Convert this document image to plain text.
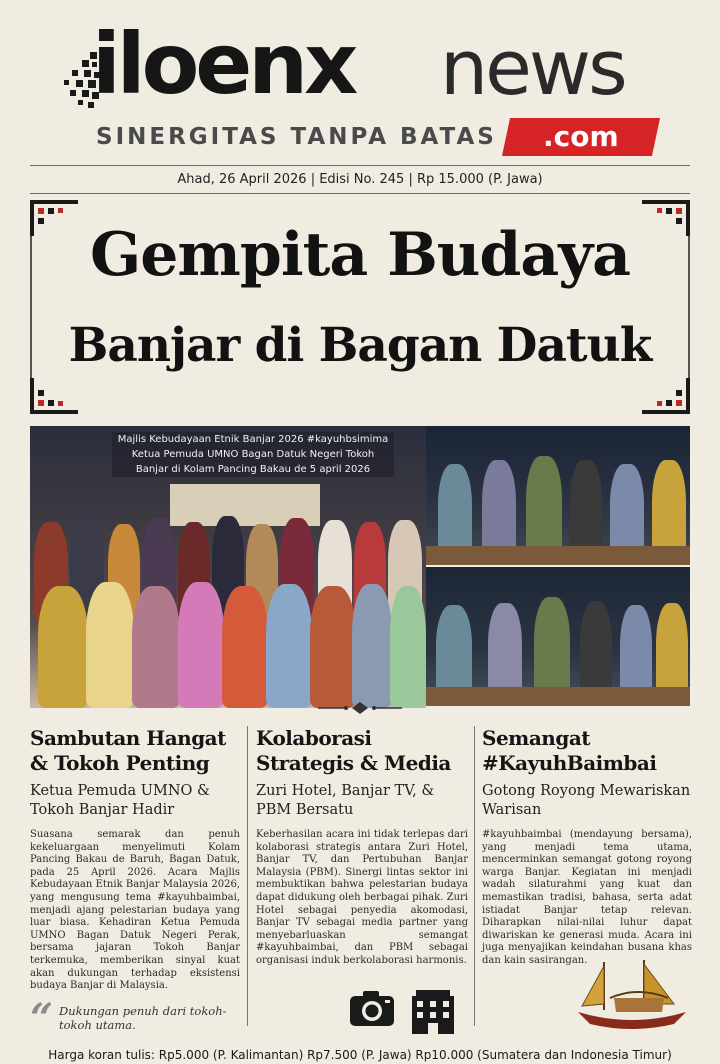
iloenx news
SINERGITAS TANPA BATAS	.com
Ahad, 26 April 2026 | Edisi No. 245 | Rp 15.000 (P. Jawa)
Gempita Budaya
Banjar di Bagan Datuk
Majlis Kebudayaan Etnik Banjar 2026 #kayuhbsimima
Ketua Pemuda UMNO Bagan Datuk Negeri Tokoh
Banjar di Kolam Pancing Bakau de 5 april 2026
Sambutan Hangat & Tokoh Penting
Ketua Pemuda UMNO & Tokoh Banjar Hadir

Suasana semarak dan penuh kekeluargaan menyelimuti Kolam Pancing Bakau de Baruh, Bagan Datuk, pada 25 April 2026. Acara Majlis Kebudayaan Etnik Banjar Malaysia 2026, yang mengusung tema #kayuhbaimbai, menjadi ajang pelestarian budaya yang luar biasa. Kehadiran Ketua Pemuda UMNO Bagan Datuk Negeri Perak, bersama jajaran Tokoh Banjar terkemuka, memberikan sinyal kuat akan dukungan terhadap eksistensi budaya Banjar di Malaysia.

Kolaborasi Strategis & Media
Zuri Hotel, Banjar TV, & PBM Bersatu

Keberhasilan acara ini tidak terlepas dari kolaborasi strategis antara Zuri Hotel, Banjar TV, dan Pertubuhan Banjar Malaysia (PBM). Sinergi lintas sektor ini membuktikan bahwa pelestarian budaya dapat didukung oleh berbagai pihak. Zuri Hotel sebagai penyedia akomodasi, Banjar TV sebagai media partner yang menyebarluaskan semangat #kayuhbaimbai, dan PBM sebagai organisasi induk berkolaborasi harmonis.

Semangat #KayuhBaimbai
Gotong Royong Mewariskan Warisan

#kayuhbaimbai (mendayung bersama), yang menjadi tema utama, mencerminkan semangat gotong royong warga Banjar. Kegiatan ini menjadi wadah silaturahmi yang kuat dan memastikan tradisi, bahasa, serta adat istiadat Banjar tetap relevan. Diharapkan nilai-nilai luhur dapat diwariskan ke generasi muda. Acara ini juga menyajikan keindahan busana khas dan kain sasirangan.

“ Dukungan penuh dari tokoh-tokoh utama.
Harga koran tulis: Rp5.000 (P. Kalimantan) Rp7.500 (P. Jawa) Rp10.000 (Sumatera dan Indonesia Timur)
